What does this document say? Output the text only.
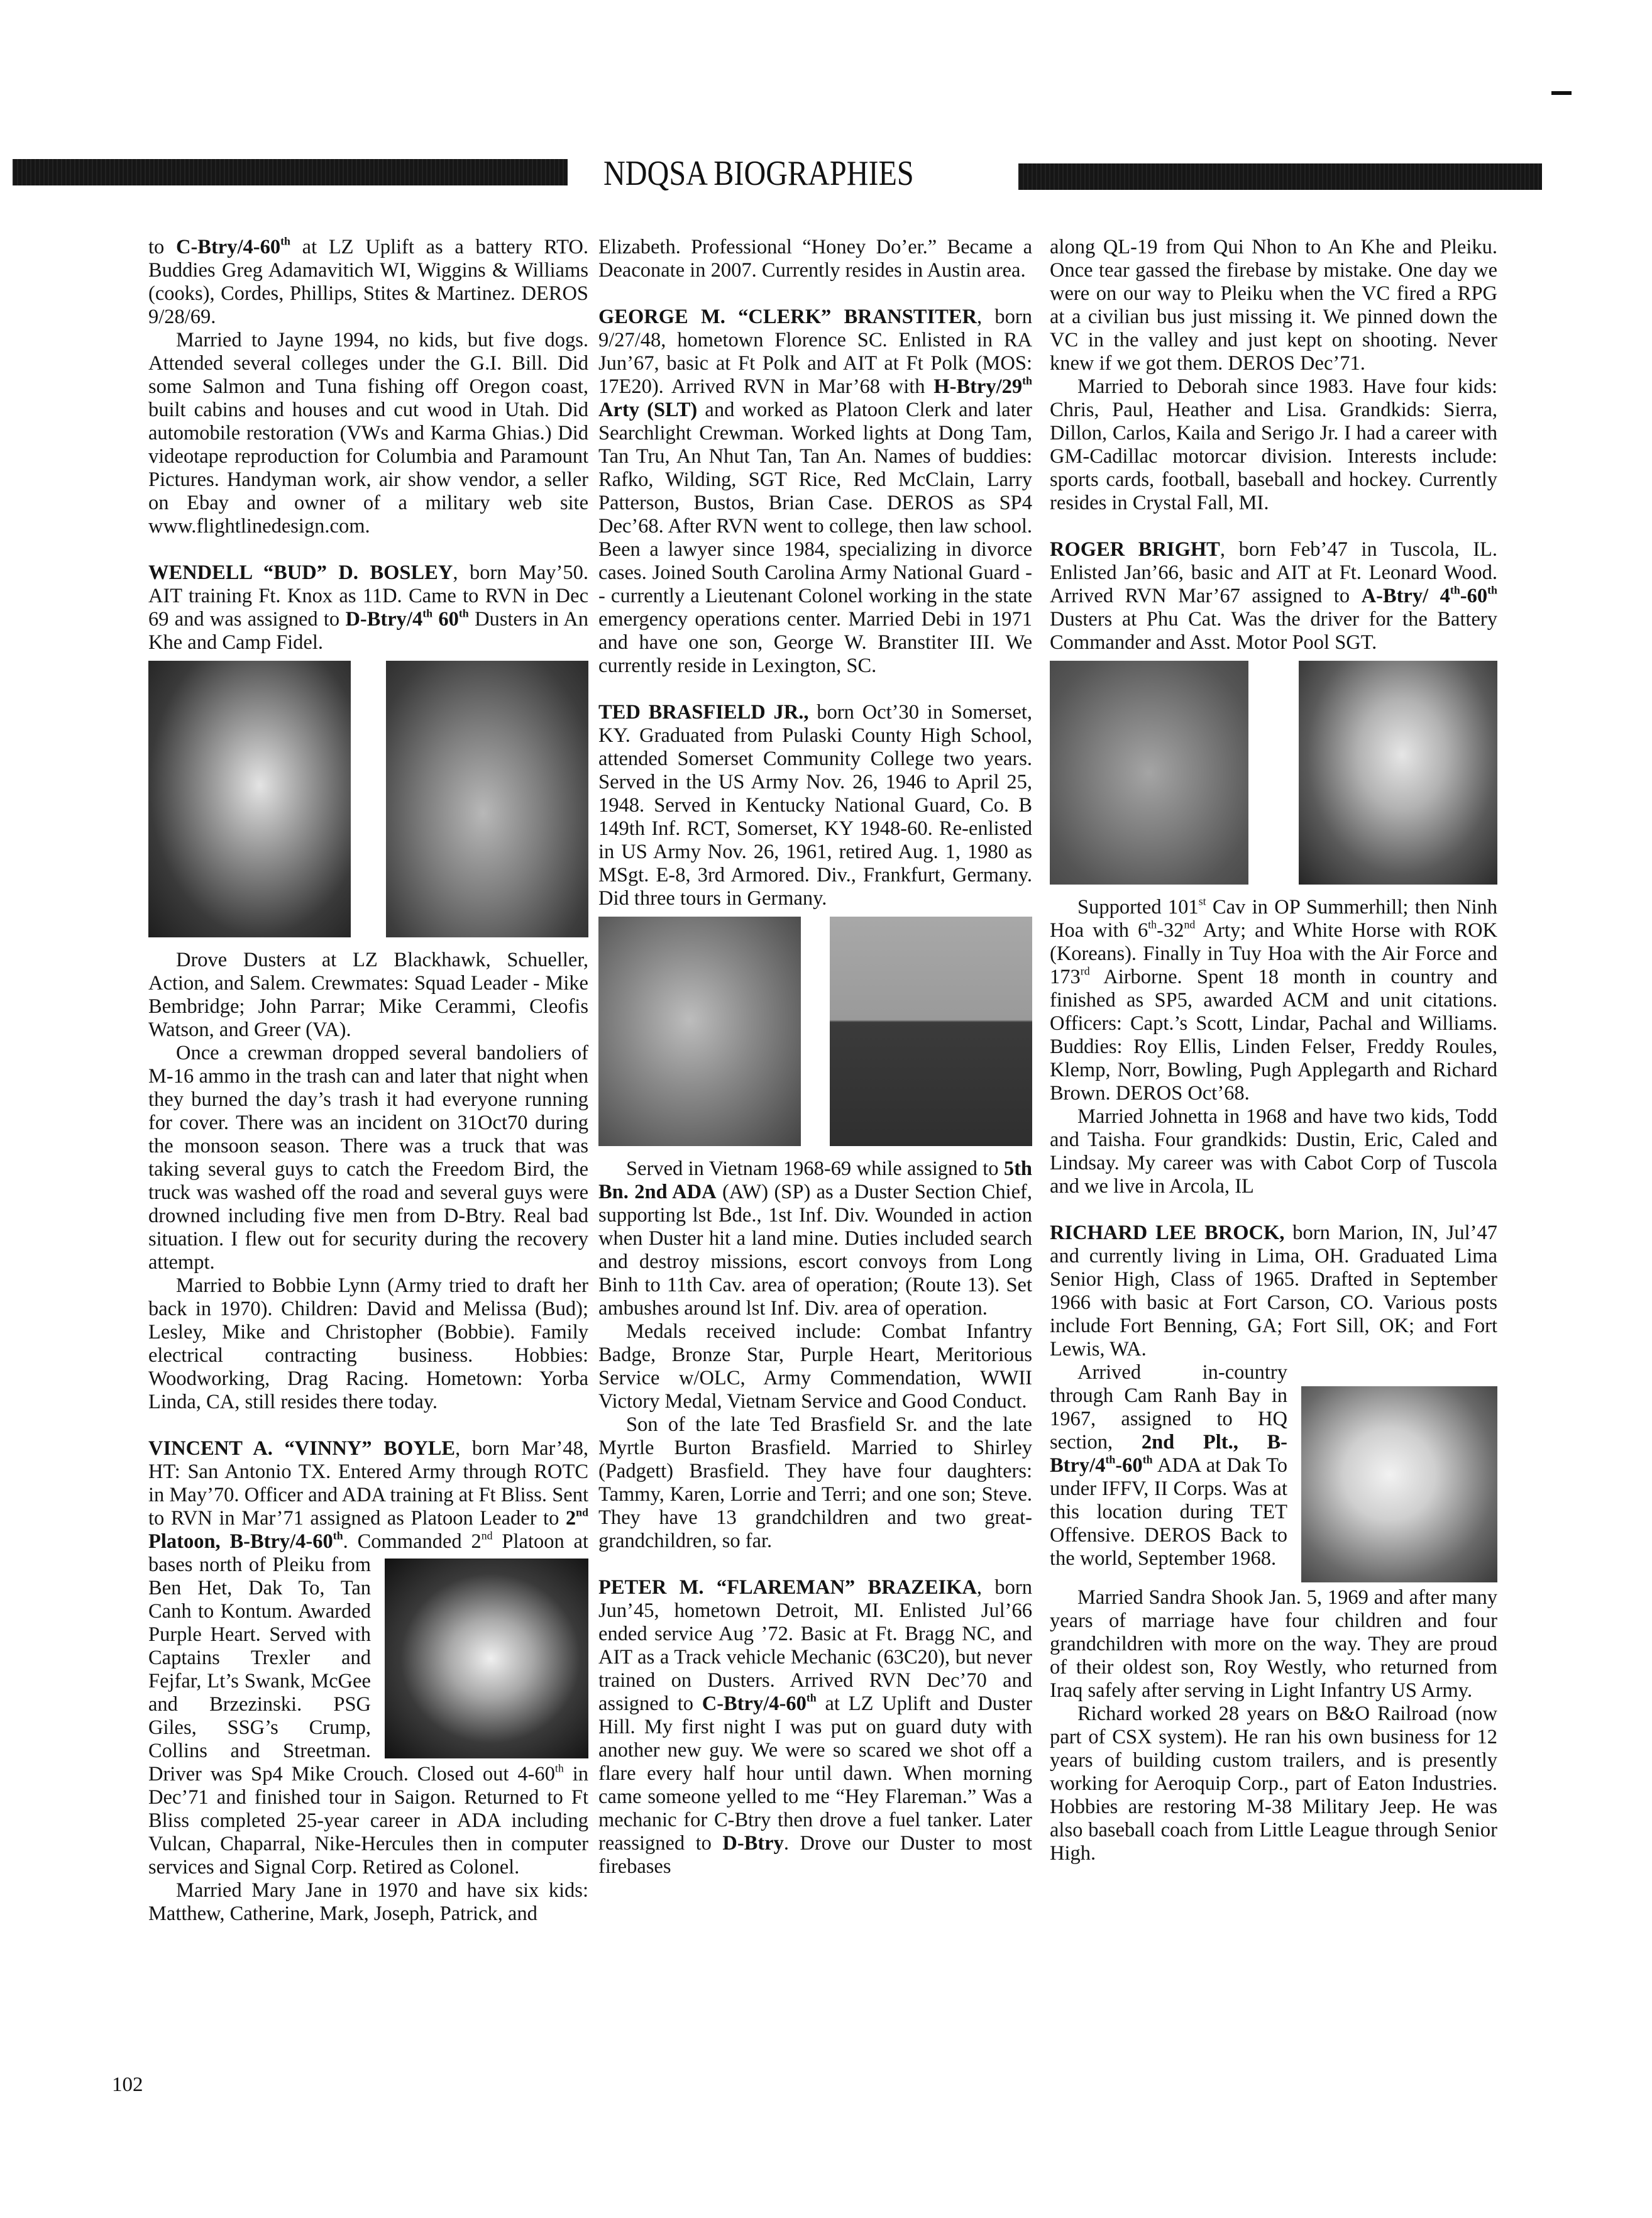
NDQSA BIOGRAPHIES

to C-Btry/4-60th at LZ Uplift as a battery RTO. Buddies Greg Adamavitich WI, Wiggins & Williams (cooks), Cordes, Phillips, Stites & Martinez. DEROS 9/28/69.

Married to Jayne 1994, no kids, but five dogs. Attended several colleges under the G.I. Bill. Did some Salmon and Tuna fishing off Oregon coast, built cabins and houses and cut wood in Utah. Did automobile restoration (VWs and Karma Ghias.) Did videotape reproduction for Columbia and Paramount Pictures. Handyman work, air show vendor, a seller on Ebay and owner of a military web site www.flightlinedesign.com.

WENDELL “BUD” D. BOSLEY, born May’50. AIT training Ft. Knox as 11D. Came to RVN in Dec 69 and was assigned to D-Btry/4th 60th Dusters in An Khe and Camp Fidel.

Drove Dusters at LZ Blackhawk, Schueller, Action, and Salem. Crewmates: Squad Leader - Mike Bembridge; John Parrar; Mike Cerammi, Cleofis Watson, and Greer (VA).

Once a crewman dropped several bandoliers of M-16 ammo in the trash can and later that night when they burned the day’s trash it had everyone running for cover. There was an incident on 31Oct70 during the monsoon season. There was a truck that was taking several guys to catch the Freedom Bird, the truck was washed off the road and several guys were drowned including five men from D-Btry. Real bad situation. I flew out for security during the recovery attempt.

Married to Bobbie Lynn (Army tried to draft her back in 1970). Children: David and Melissa (Bud); Lesley, Mike and Christopher (Bobbie). Family electrical contracting business. Hobbies: Woodworking, Drag Racing. Hometown: Yorba Linda, CA, still resides there today.

VINCENT A. “VINNY” BOYLE, born Mar’48, HT: San Antonio TX. Entered Army through ROTC in May’70. Officer and ADA training at Ft Bliss. Sent to RVN in Mar’71 assigned as Platoon Leader to 2nd Platoon, B-Btry/4-60th. Commanded 2nd
Platoon at bases north of Pleiku from Ben Het, Dak To, Tan Canh to Kontum. Awarded Purple Heart. Served with Captains Trexler and Fejfar, Lt’s Swank, McGee and Brzezinski. PSG Giles, SSG’s Crump, Collins and Streetman. Driver was Sp4 Mike Crouch. Closed out 4-60th in Dec’71 and finished tour in Saigon. Returned to Ft Bliss completed 25-year career in ADA including Vulcan, Chaparral, Nike-Hercules then in computer services and Signal Corp. Retired as Colonel.

Married Mary Jane in 1970 and have six kids: Matthew, Catherine, Mark, Joseph, Patrick, and

Elizabeth. Professional “Honey Do’er.” Became a Deaconate in 2007. Currently resides in Austin area.

GEORGE M. “CLERK” BRANSTITER, born 9/27/48, hometown Florence SC. Enlisted in RA Jun’67, basic at Ft Polk and AIT at Ft Polk (MOS: 17E20). Arrived RVN in Mar’68 with H-Btry/29th Arty (SLT) and worked as Platoon Clerk and later Searchlight Crewman. Worked lights at Dong Tam, Tan Tru, An Nhut Tan, Tan An. Names of buddies: Rafko, Wilding, SGT Rice, Red McClain, Larry Patterson, Bustos, Brian Case. DEROS as SP4 Dec’68. After RVN went to college, then law school. Been a lawyer since 1984, specializing in divorce cases. Joined South Carolina Army National Guard -- currently a Lieutenant Colonel working in the state emergency operations center. Married Debi in 1971 and have one son, George W. Branstiter III. We currently reside in Lexington, SC.

TED BRASFIELD JR., born Oct’30 in Somerset, KY. Graduated from Pulaski County High School, attended Somerset Community College two years. Served in the US Army Nov. 26, 1946 to April 25, 1948. Served in Kentucky National Guard, Co. B 149th Inf. RCT, Somerset, KY 1948-60. Re-enlisted in US Army Nov. 26, 1961, retired Aug. 1, 1980 as MSgt. E-8, 3rd Armored. Div., Frankfurt, Germany. Did three tours in Germany.

Served in Vietnam 1968-69 while assigned to 5th Bn. 2nd ADA (AW) (SP) as a Duster Section Chief, supporting lst Bde., 1st Inf. Div. Wounded in action when Duster hit a land mine. Duties included search and destroy missions, escort convoys from Long Binh to 11th Cav. area of operation; (Route 13). Set ambushes around lst Inf. Div. area of operation.

Medals received include: Combat Infantry Badge, Bronze Star, Purple Heart, Meritorious Service w/OLC, Army Commendation, WWII Victory Medal, Vietnam Service and Good Conduct.

Son of the late Ted Brasfield Sr. and the late Myrtle Burton Brasfield. Married to Shirley (Padgett) Brasfield. They have four daughters: Tammy, Karen, Lorrie and Terri; and one son; Steve. They have 13 grandchildren and two great-grandchildren, so far.

PETER M. “FLAREMAN” BRAZEIKA, born Jun’45, hometown Detroit, MI. Enlisted Jul’66 ended service Aug ’72. Basic at Ft. Bragg NC, and AIT as a Track vehicle Mechanic (63C20), but never trained on Dusters. Arrived RVN Dec’70 and assigned to C-Btry/4-60th at LZ Uplift and Duster Hill. My first night I was put on guard duty with another new guy. We were so scared we shot off a flare every half hour until dawn. When morning came someone yelled to me “Hey Flareman.” Was a mechanic for C-Btry then drove a fuel tanker. Later reassigned to D-Btry. Drove our Duster to most firebases

along QL-19 from Qui Nhon to An Khe and Pleiku. Once tear gassed the firebase by mistake. One day we were on our way to Pleiku when the VC fired a RPG at a civilian bus just missing it. We pinned down the VC in the valley and just kept on shooting. Never knew if we got them. DEROS Dec’71.

Married to Deborah since 1983. Have four kids: Chris, Paul, Heather and Lisa. Grandkids: Sierra, Dillon, Carlos, Kaila and Serigo Jr. I had a career with GM-Cadillac motorcar division. Interests include: sports cards, football, baseball and hockey. Currently resides in Crystal Fall, MI.

ROGER BRIGHT, born Feb’47 in Tuscola, IL. Enlisted Jan’66, basic and AIT at Ft. Leonard Wood. Arrived RVN Mar’67 assigned to A-Btry/ 4th-60th Dusters at Phu Cat. Was the driver for the Battery Commander and Asst. Motor Pool SGT.

Supported 101st Cav in OP Summerhill; then Ninh Hoa with 6th-32nd Arty; and White Horse with ROK (Koreans). Finally in Tuy Hoa with the Air Force and 173rd Airborne. Spent 18 month in country and finished as SP5, awarded ACM and unit citations. Officers: Capt.’s Scott, Lindar, Pachal and Williams. Buddies: Roy Ellis, Linden Felser, Freddy Roules, Klemp, Norr, Bowling, Pugh Applegarth and Richard Brown. DEROS Oct’68.

Married Johnetta in 1968 and have two kids, Todd and Taisha. Four grandkids: Dustin, Eric, Caled and Lindsay. My career was with Cabot Corp of Tuscola and we live in Arcola, IL

RICHARD LEE BROCK, born Marion, IN, Jul’47 and currently living in Lima, OH. Graduated Lima Senior High, Class of 1965. Drafted in September 1966 with basic at Fort Carson, CO. Various posts include Fort Benning, GA; Fort Sill, OK; and Fort Lewis, WA.

Arrived in-country through Cam Ranh Bay in 1967, assigned to HQ section, 2nd Plt., B-Btry/4th-60th ADA at Dak To under IFFV, II Corps. Was at this location during TET Offensive. DEROS Back to the world, September 1968.

Married Sandra Shook Jan. 5, 1969 and after many years of marriage have four children and four grandchildren with more on the way. They are proud of their oldest son, Roy Westly, who returned from Iraq safely after serving in Light Infantry US Army.

Richard worked 28 years on B&O Railroad (now part of CSX system). He ran his own business for 12 years of building custom trailers, and is presently working for Aeroquip Corp., part of Eaton Industries. Hobbies are restoring M-38 Military Jeep. He was also baseball coach from Little League through Senior High.

102
